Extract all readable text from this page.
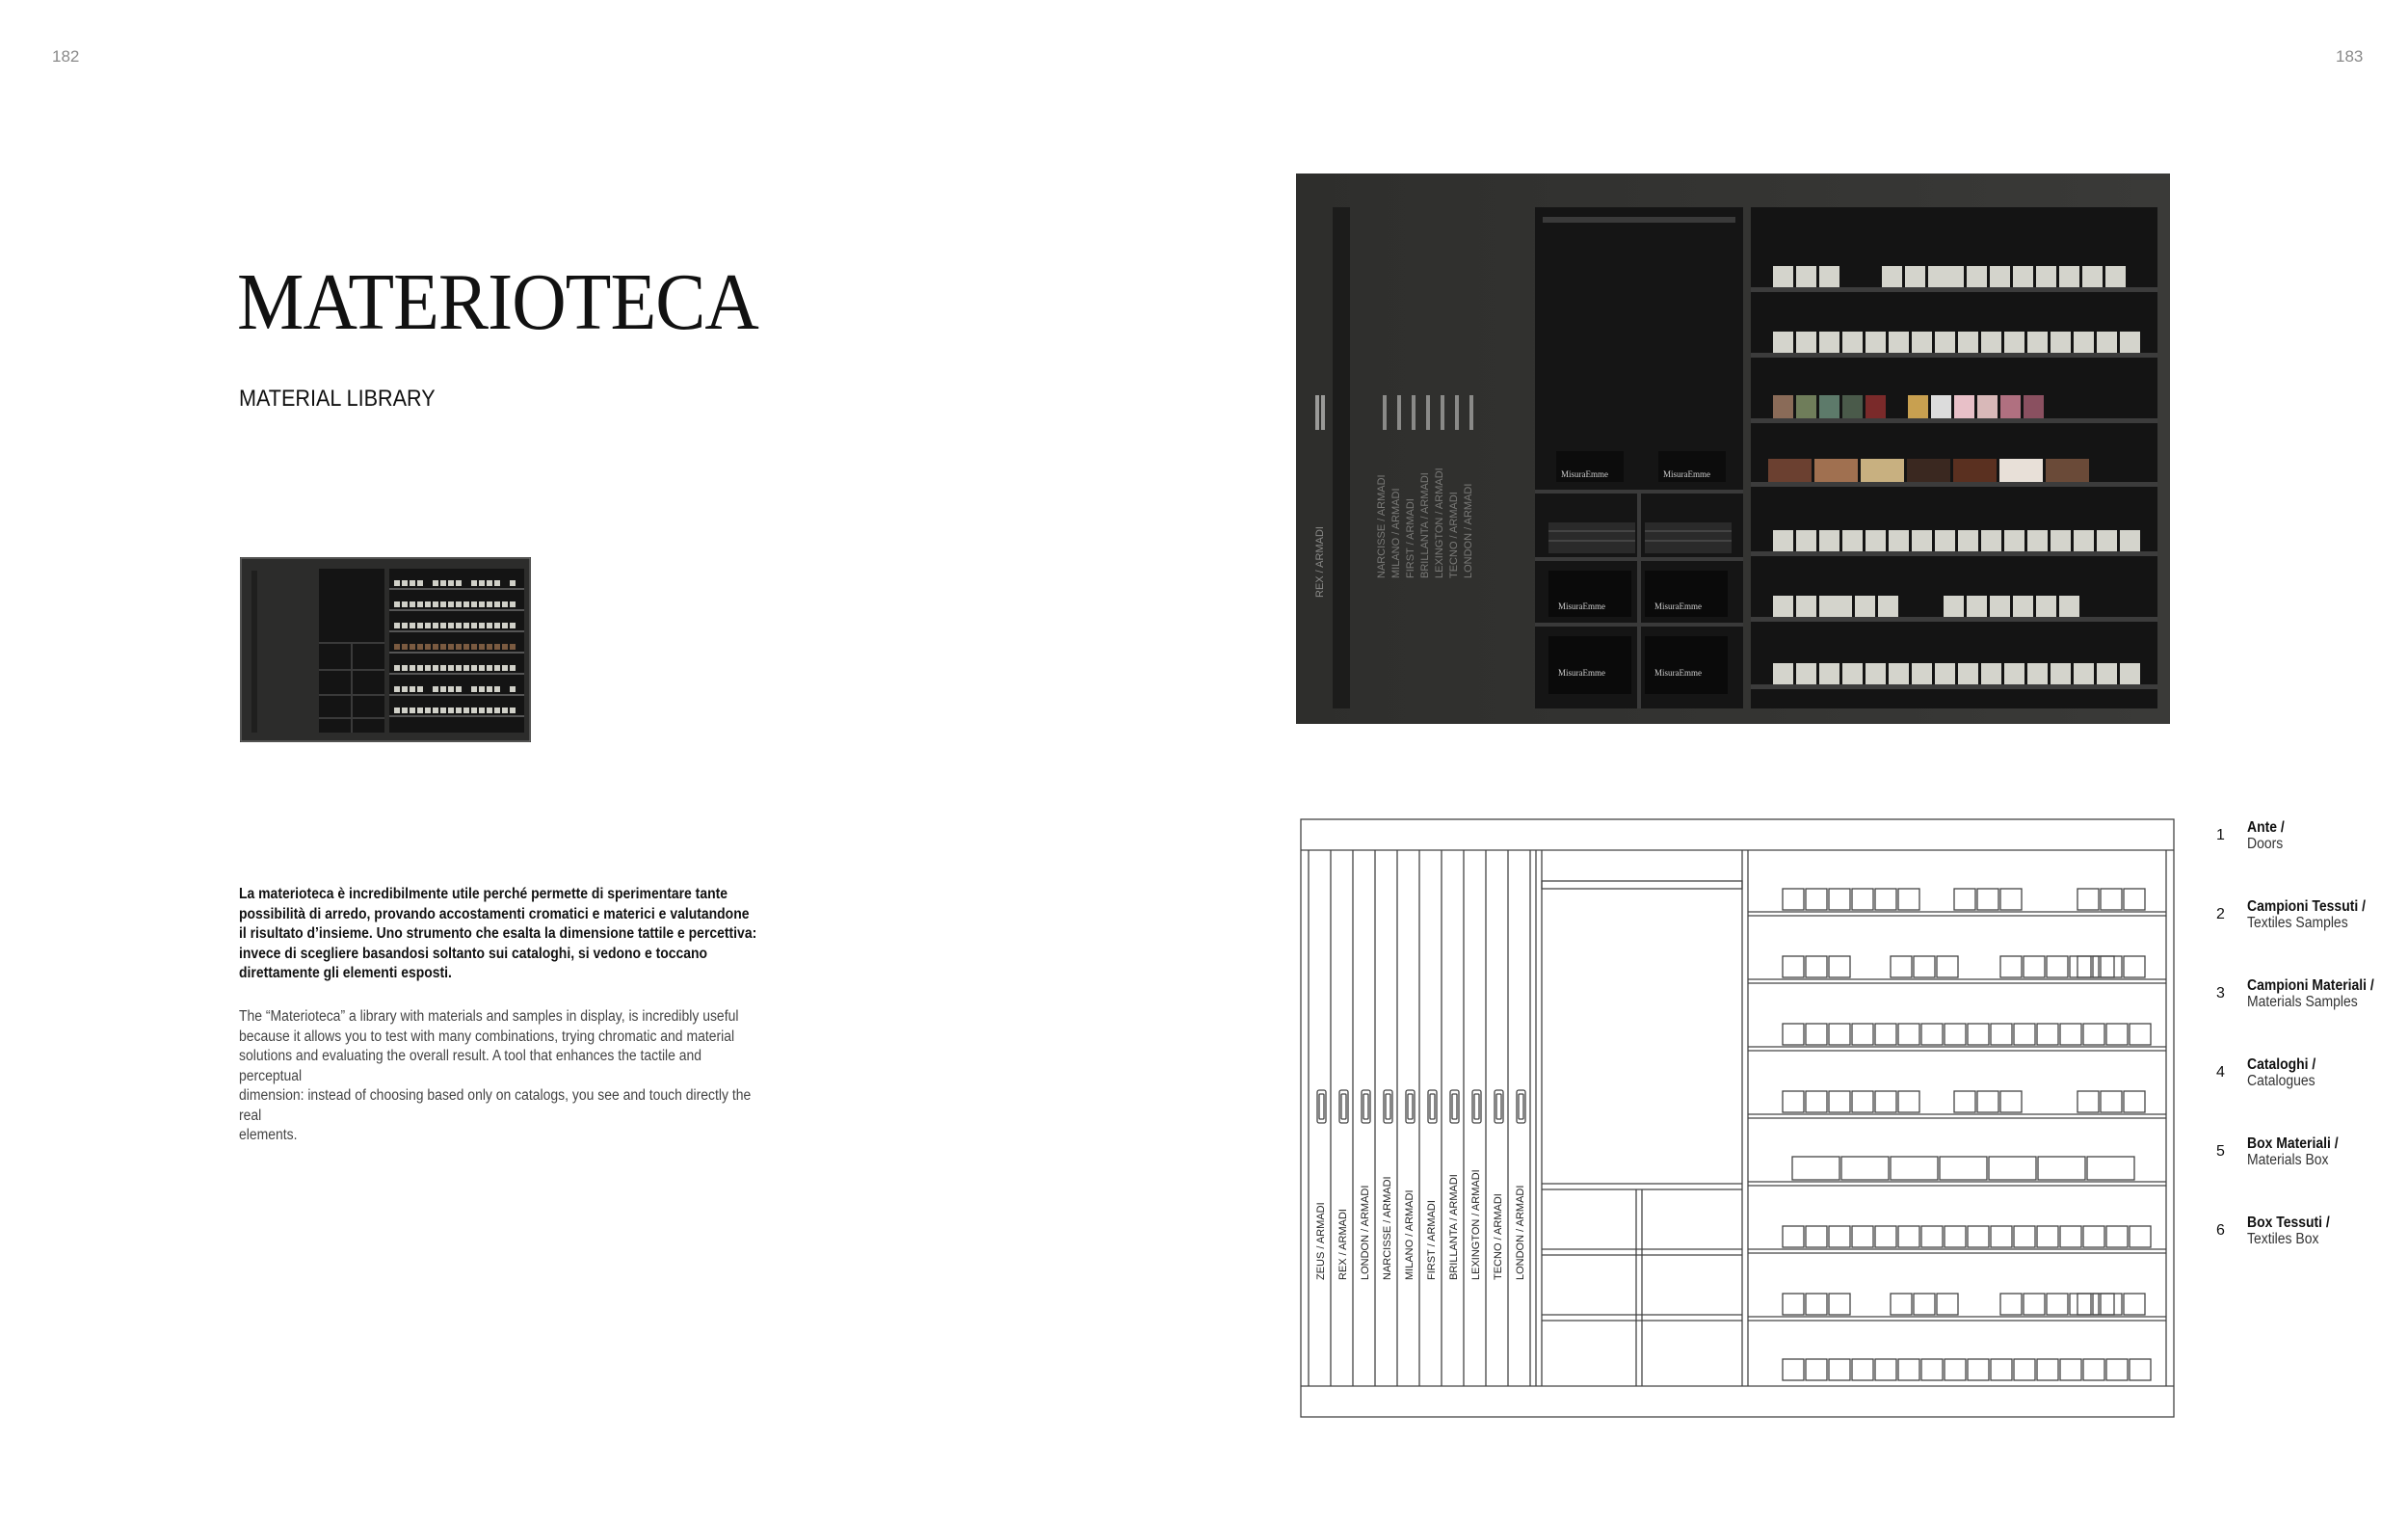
182	183
MATERIOTECA
MATERIAL LIBRARY
La materioteca è incredibilmente utile perché permette di sperimentare tante
possibilità di arredo, provando accostamenti cromatici e materici e valutandone
il risultato d’insieme. Uno strumento che esalta la dimensione tattile e percettiva:
invece di scegliere basandosi soltanto sui cataloghi, si vedono e toccano
direttamente gli elementi esposti.
The “Materioteca” a library with materials and samples in display, is incredibly useful
because it allows you to test with many combinations, trying chromatic and material
solutions and evaluating the overall result. A tool that enhances the tactile and perceptual
dimension: instead of choosing based only on catalogs, you see and touch directly the real
elements.
REX / ARMADI	NARCISSE / ARMADI MILANO / ARMADI FIRST / ARMADI BRILLANTA / ARMADI LEXINGTON / ARMADI TECNO / ARMADI LONDON / ARMADI
MisuraEmme	MisuraEmme
MisuraEmme	MisuraEmme
MisuraEmme	MisuraEmme
ZEUS / ARMADI REX / ARMADI LONDON / ARMADI NARCISSE / ARMADI MILANO / ARMADI FIRST / ARMADI BRILLANTA / ARMADI LEXINGTON / ARMADI TECNO / ARMADI LONDON / ARMADI
1 Ante /
Doors
2 Campioni Tessuti /
Textiles Samples
3 Campioni Materiali /
Materials Samples
4 Cataloghi /
Catalogues
5 Box Materiali /
Materials Box
6 Box Tessuti /
Textiles Box
